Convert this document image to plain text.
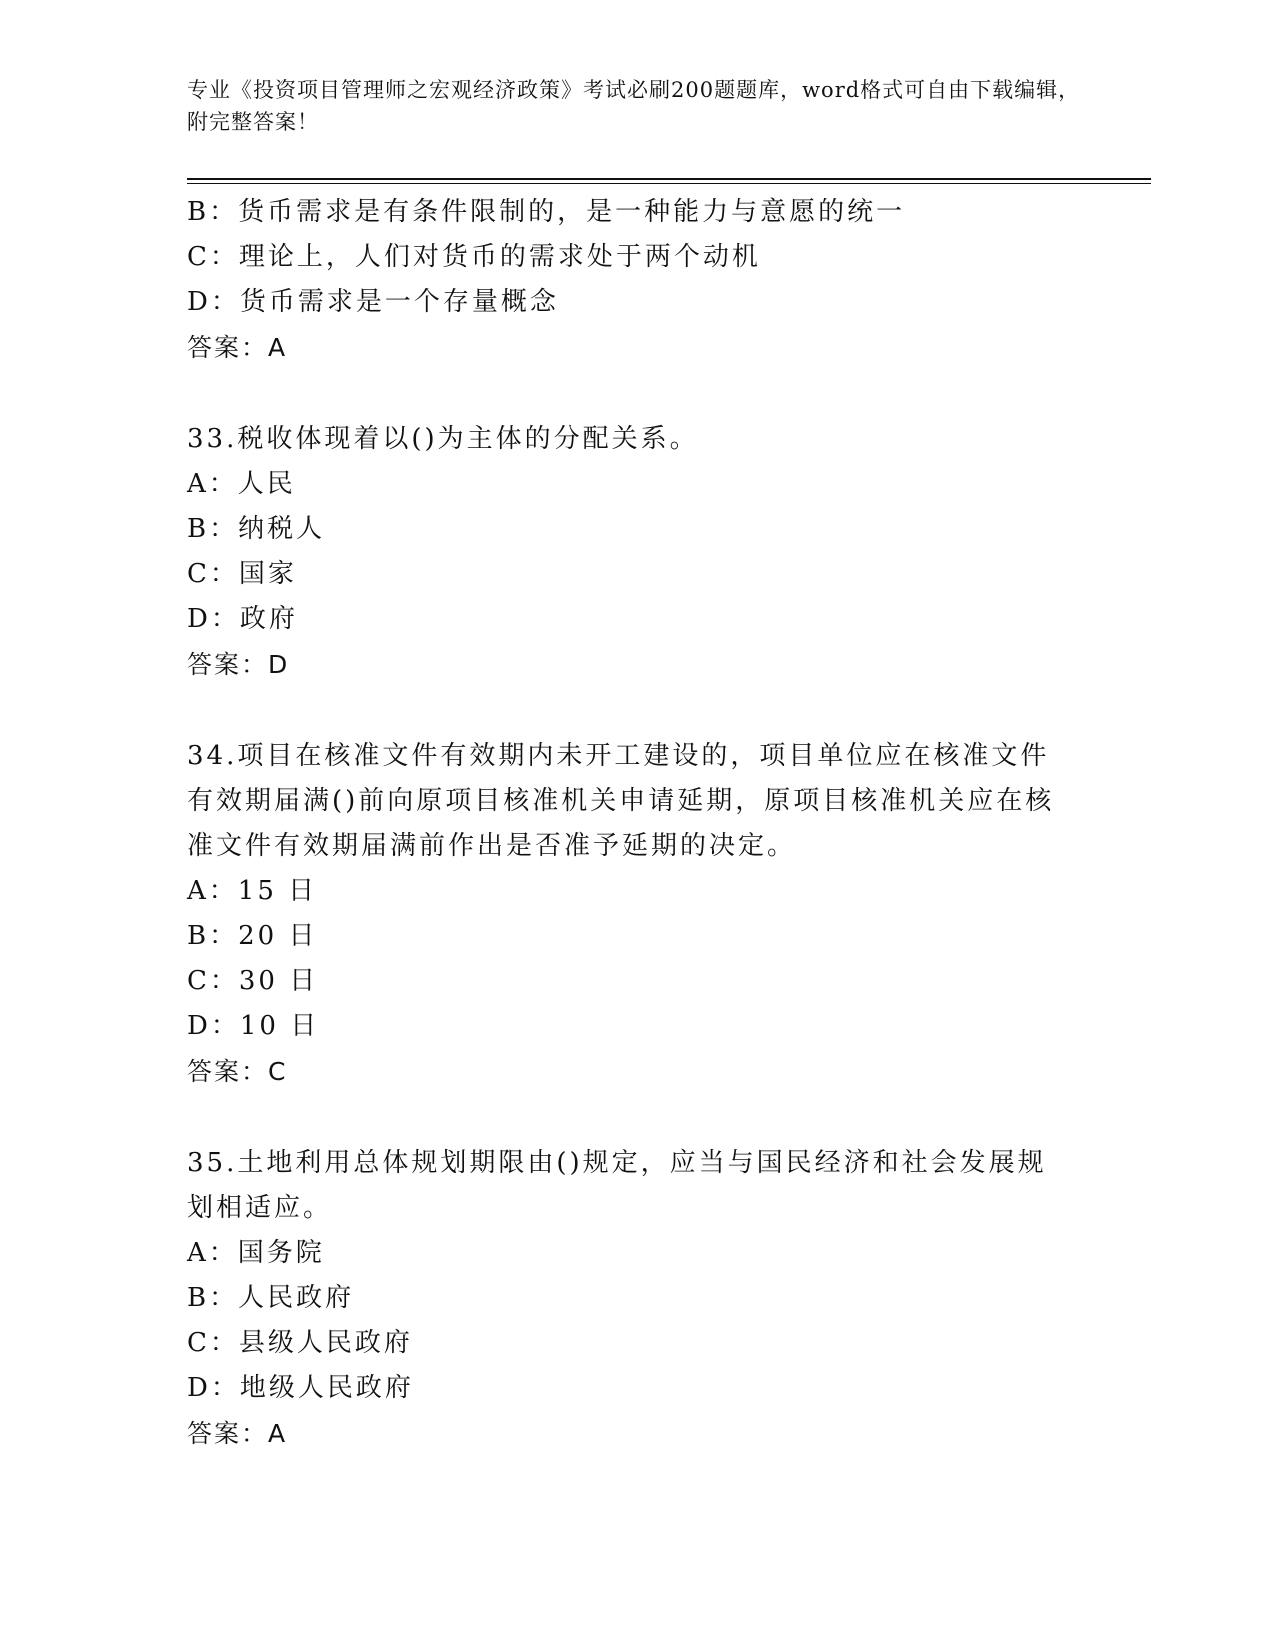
专业《投资项目管理师之宏观经济政策》考试必刷200题题库，word格式可自由下载编辑，附完整答案！
B：货币需求是有条件限制的，是一种能力与意愿的统一
C：理论上，人们对货币的需求处于两个动机
D：货币需求是一个存量概念
答案：A
33.税收体现着以()为主体的分配关系。
A：人民
B：纳税人
C：国家
D：政府
答案：D
34.项目在核准文件有效期内未开工建设的，项目单位应在核准文件有效期届满()前向原项目核准机关申请延期，原项目核准机关应在核准文件有效期届满前作出是否准予延期的决定。
A：15 日
B：20 日
C：30 日
D：10 日
答案：C
35.土地利用总体规划期限由()规定，应当与国民经济和社会发展规划相适应。
A：国务院
B：人民政府
C：县级人民政府
D：地级人民政府
答案：A
